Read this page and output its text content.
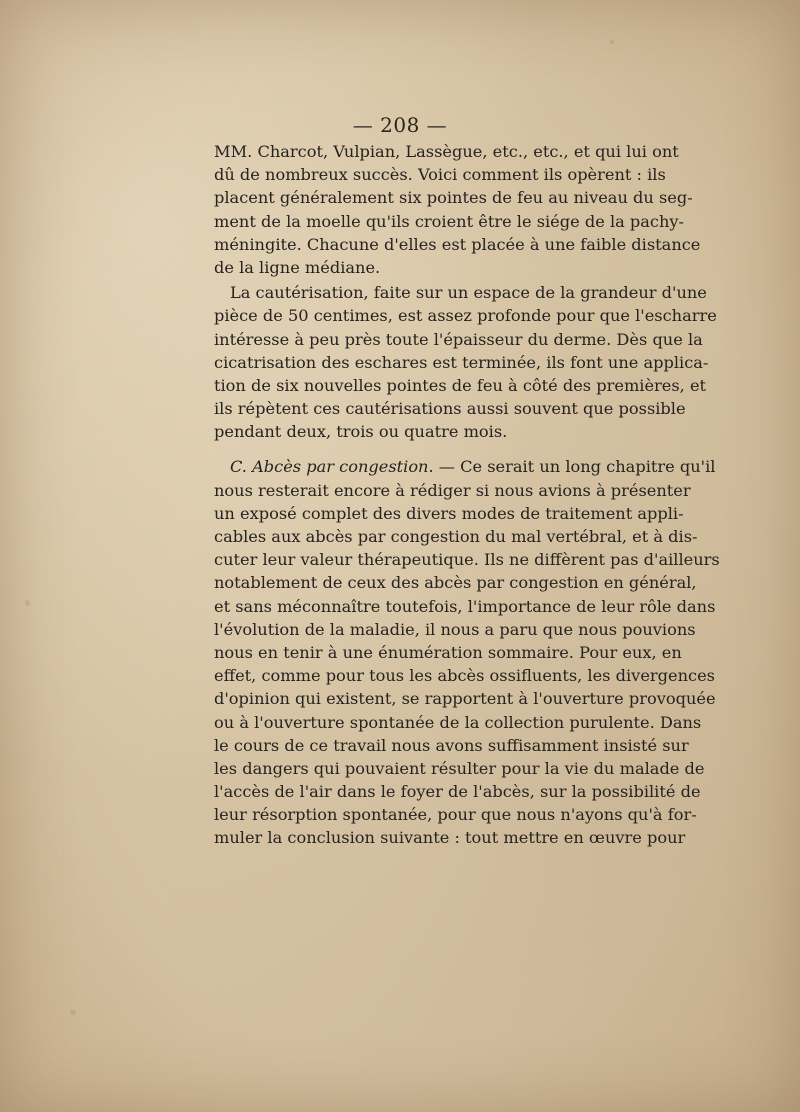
— 208 —

MM. Charcot, Vulpian, Lassègue, etc., etc., et qui lui ont
dû de nombreux succès. Voici comment ils opèrent : ils
placent généralement six pointes de feu au niveau du seg-
ment de la moelle qu'ils croient être le siége de la pachy-
méningite. Chacune d'elles est placée à une faible distance
de la ligne médiane.
La cautérisation, faite sur un espace de la grandeur d'une
pièce de 50 centimes, est assez profonde pour que l'escharre
intéresse à peu près toute l'épaisseur du derme. Dès que la
cicatrisation des eschares est terminée, ils font une applica-
tion de six nouvelles pointes de feu à côté des premières, et
ils répètent ces cautérisations aussi souvent que possible
pendant deux, trois ou quatre mois.
C. Abcès par congestion. — Ce serait un long chapitre qu'il
nous resterait encore à rédiger si nous avions à présenter
un exposé complet des divers modes de traitement appli-
cables aux abcès par congestion du mal vertébral, et à dis-
cuter leur valeur thérapeutique. Ils ne diffèrent pas d'ailleurs
notablement de ceux des abcès par congestion en général,
et sans méconnaître toutefois, l'importance de leur rôle dans
l'évolution de la maladie, il nous a paru que nous pouvions
nous en tenir à une énumération sommaire. Pour eux, en
effet, comme pour tous les abcès ossifluents, les divergences
d'opinion qui existent, se rapportent à l'ouverture provoquée
ou à l'ouverture spontanée de la collection purulente. Dans
le cours de ce travail nous avons suffisamment insisté sur
les dangers qui pouvaient résulter pour la vie du malade de
l'accès de l'air dans le foyer de l'abcès, sur la possibilité de
leur résorption spontanée, pour que nous n'ayons qu'à for-
muler la conclusion suivante : tout mettre en œuvre pour
